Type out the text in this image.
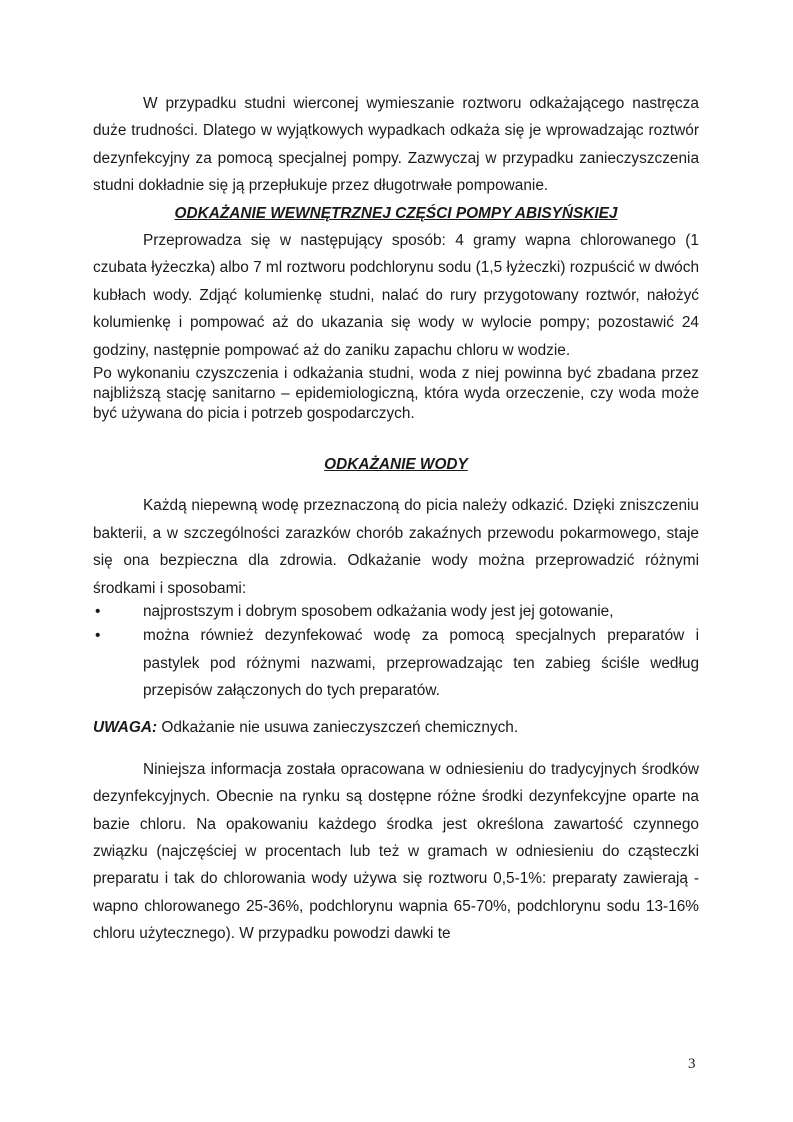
W przypadku studni wierconej wymieszanie roztworu odkażającego nastręcza duże trudności. Dlatego w wyjątkowych wypadkach odkaża się je wprowadzając roztwór dezynfekcyjny za pomocą specjalnej pompy. Zazwyczaj w przypadku zanieczyszczenia studni dokładnie się ją przepłukuje przez długotrwałe pompowanie.

ODKAŻANIE WEWNĘTRZNEJ CZĘŚCI POMPY ABISYŃSKIEJ

Przeprowadza się w następujący sposób: 4 gramy wapna chlorowanego (1 czubata łyżeczka) albo 7 ml roztworu podchlorynu sodu (1,5 łyżeczki) rozpuścić w dwóch kubłach wody. Zdjąć kolumienkę studni, nalać do rury przygotowany roztwór, nałożyć kolumienkę i pompować aż do ukazania się wody w wylocie pompy; pozostawić 24 godziny, następnie pompować aż do zaniku zapachu chloru w wodzie.

Po wykonaniu czyszczenia i odkażania studni, woda z niej powinna być zbadana przez najbliższą stację sanitarno – epidemiologiczną, która wyda orzeczenie, czy woda może być używana do picia i potrzeb gospodarczych.

ODKAŻANIE WODY

Każdą niepewną wodę przeznaczoną do picia należy odkazić. Dzięki zniszczeniu bakterii, a w szczególności zarazków chorób zakaźnych przewodu pokarmowego, staje się ona bezpieczna dla zdrowia. Odkażanie wody można przeprowadzić różnymi środkami i sposobami:

•	najprostszym i dobrym sposobem odkażania wody jest jej gotowanie,
•	można również dezynfekować wodę za pomocą specjalnych preparatów i pastylek pod różnymi nazwami, przeprowadzając ten zabieg ściśle według przepisów załączonych do tych preparatów.

UWAGA: Odkażanie nie usuwa zanieczyszczeń chemicznych.

Niniejsza informacja została opracowana w odniesieniu do tradycyjnych środków dezynfekcyjnych. Obecnie na rynku są dostępne różne środki dezynfekcyjne oparte na bazie chloru. Na opakowaniu każdego środka jest określona zawartość czynnego związku (najczęściej w procentach lub też w gramach w odniesieniu do cząsteczki preparatu i tak do chlorowania wody używa się roztworu 0,5-1%: preparaty zawierają - wapno chlorowanego 25-36%, podchlorynu wapnia 65-70%, podchlorynu sodu 13-16% chloru użytecznego). W przypadku powodzi dawki te

3
